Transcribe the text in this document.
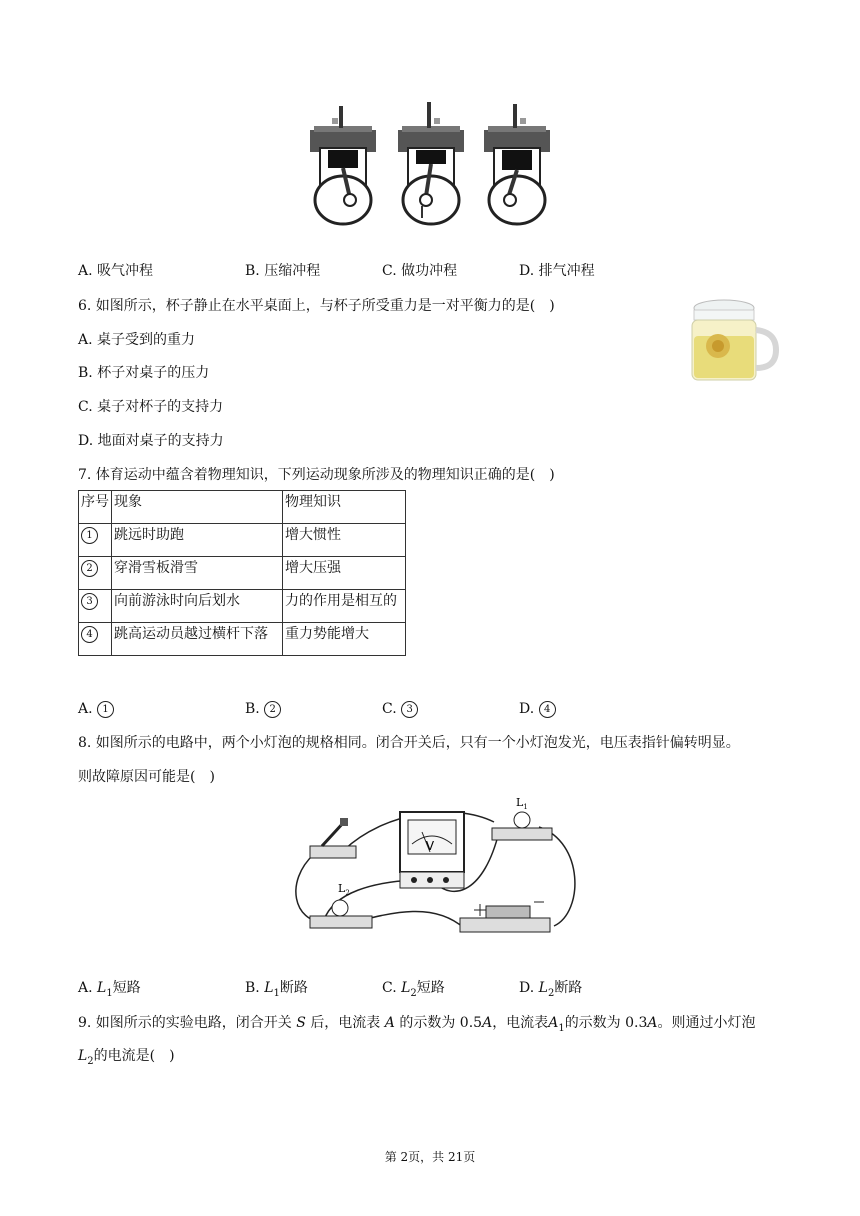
A. 吸气冲程	B. 压缩冲程	C. 做功冲程	D. 排气冲程
6. 如图所示，杯子静止在水平桌面上，与杯子所受重力是一对平衡力的是( )
A. 桌子受到的重力
B. 杯子对桌子的压力
C. 桌子对杯子的支持力
D. 地面对桌子的支持力
7. 体育运动中蕴含着物理知识，下列运动现象所涉及的物理知识正确的是( )
序号	现象	物理知识
1	跳远时助跑	增大惯性
2	穿滑雪板滑雪	增大压强
3	向前游泳时向后划水	力的作用是相互的
4	跳高运动员越过横杆下落	重力势能增大
A. 1	B. 2	C. 3	D. 4
8. 如图所示的电路中，两个小灯泡的规格相同。闭合开关后，只有一个小灯泡发光，电压表指针偏转明显。
则故障原因可能是( )
V
$L_1$
$L_2$
A. $L_1$短路	B. $L_1$断路	C. $L_2$短路	D. $L_2$断路
9. 如图所示的实验电路，闭合开关 S 后，电流表 A 的示数为 0.5A，电流表$A_1$的示数为 0.3A。则通过小灯泡
$L_2$的电流是( )
第 2页，共 21页
